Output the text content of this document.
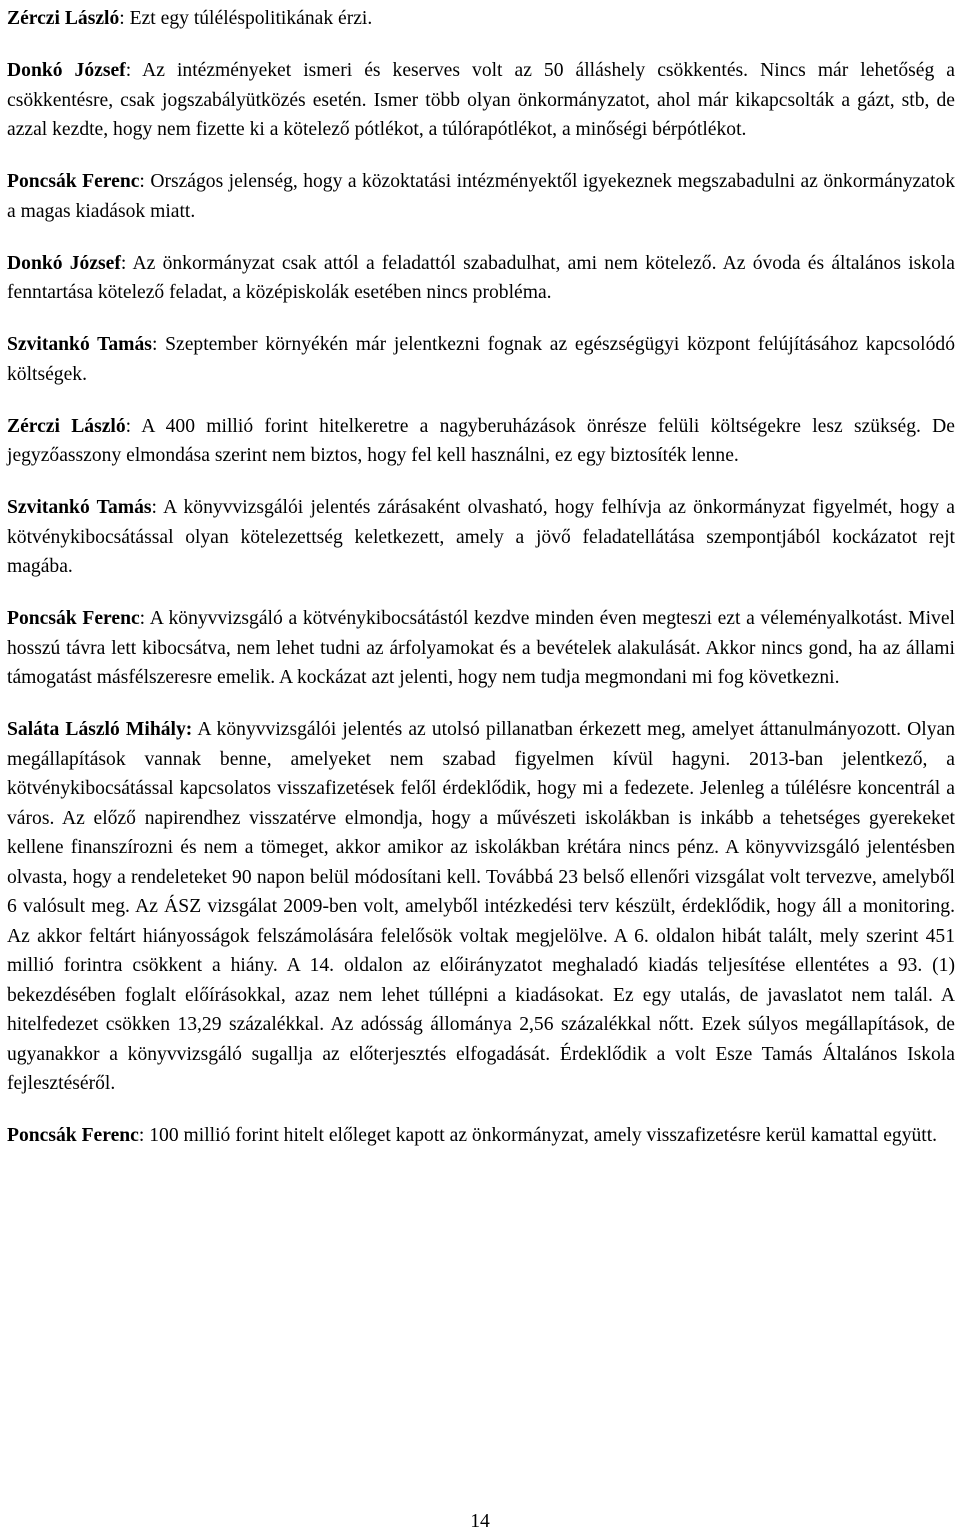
Zérczi László: Ezt egy túléléspolitikának érzi.

Donkó József: Az intézményeket ismeri és keserves volt az 50 álláshely csökkentés. Nincs már lehetőség a csökkentésre, csak jogszabályütközés esetén. Ismer több olyan önkormányzatot, ahol már kikapcsolták a gázt, stb, de azzal kezdte, hogy nem fizette ki a kötelező pótlékot, a túlórapótlékot, a minőségi bérpótlékot.

Poncsák Ferenc: Országos jelenség, hogy a közoktatási intézményektől igyekeznek megszabadulni az önkormányzatok a magas kiadások miatt.

Donkó József: Az önkormányzat csak attól a feladattól szabadulhat, ami nem kötelező. Az óvoda és általános iskola fenntartása kötelező feladat, a középiskolák esetében nincs probléma.

Szvitankó Tamás: Szeptember környékén már jelentkezni fognak az egészségügyi központ felújításához kapcsolódó költségek.

Zérczi László: A 400 millió forint hitelkeretre a nagyberuházások önrésze felüli költségekre lesz szükség. De jegyzőasszony elmondása szerint nem biztos, hogy fel kell használni, ez egy biztosíték lenne.

Szvitankó Tamás: A könyvvizsgálói jelentés zárásaként olvasható, hogy felhívja az önkormányzat figyelmét, hogy a kötvénykibocsátással olyan kötelezettség keletkezett, amely a jövő feladatellátása szempontjából kockázatot rejt magába.

Poncsák Ferenc: A könyvvizsgáló a kötvénykibocsátástól kezdve minden éven megteszi ezt a véleményalkotást. Mivel hosszú távra lett kibocsátva, nem lehet tudni az árfolyamokat és a bevételek alakulását. Akkor nincs gond, ha az állami támogatást másfélszeresre emelik. A kockázat azt jelenti, hogy nem tudja megmondani mi fog következni.

Saláta László Mihály: A könyvvizsgálói jelentés az utolsó pillanatban érkezett meg, amelyet áttanulmányozott. Olyan megállapítások vannak benne, amelyeket nem szabad figyelmen kívül hagyni. 2013-ban jelentkező, a kötvénykibocsátással kapcsolatos visszafizetések felől érdeklődik, hogy mi a fedezete. Jelenleg a túlélésre koncentrál a város. Az előző napirendhez visszatérve elmondja, hogy a művészeti iskolákban is inkább a tehetséges gyerekeket kellene finanszírozni és nem a tömeget, akkor amikor az iskolákban krétára nincs pénz. A könyvvizsgáló jelentésben olvasta, hogy a rendeleteket 90 napon belül módosítani kell. Továbbá 23 belső ellenőri vizsgálat volt tervezve, amelyből 6 valósult meg. Az ÁSZ vizsgálat 2009-ben volt, amelyből intézkedési terv készült, érdeklődik, hogy áll a monitoring. Az akkor feltárt hiányosságok felszámolására felelősök voltak megjelölve. A 6. oldalon hibát talált, mely szerint 451 millió forintra csökkent a hiány. A 14. oldalon az előirányzatot meghaladó kiadás teljesítése ellentétes a 93. (1) bekezdésében foglalt előírásokkal, azaz nem lehet túllépni a kiadásokat. Ez egy utalás, de javaslatot nem talál. A hitelfedezet csökken 13,29 százalékkal. Az adósság állománya 2,56 százalékkal nőtt. Ezek súlyos megállapítások, de ugyanakkor a könyvvizsgáló sugallja az előterjesztés elfogadását. Érdeklődik a volt Esze Tamás Általános Iskola fejlesztéséről.

Poncsák Ferenc: 100 millió forint hitelt előleget kapott az önkormányzat, amely visszafizetésre kerül kamattal együtt.

14
